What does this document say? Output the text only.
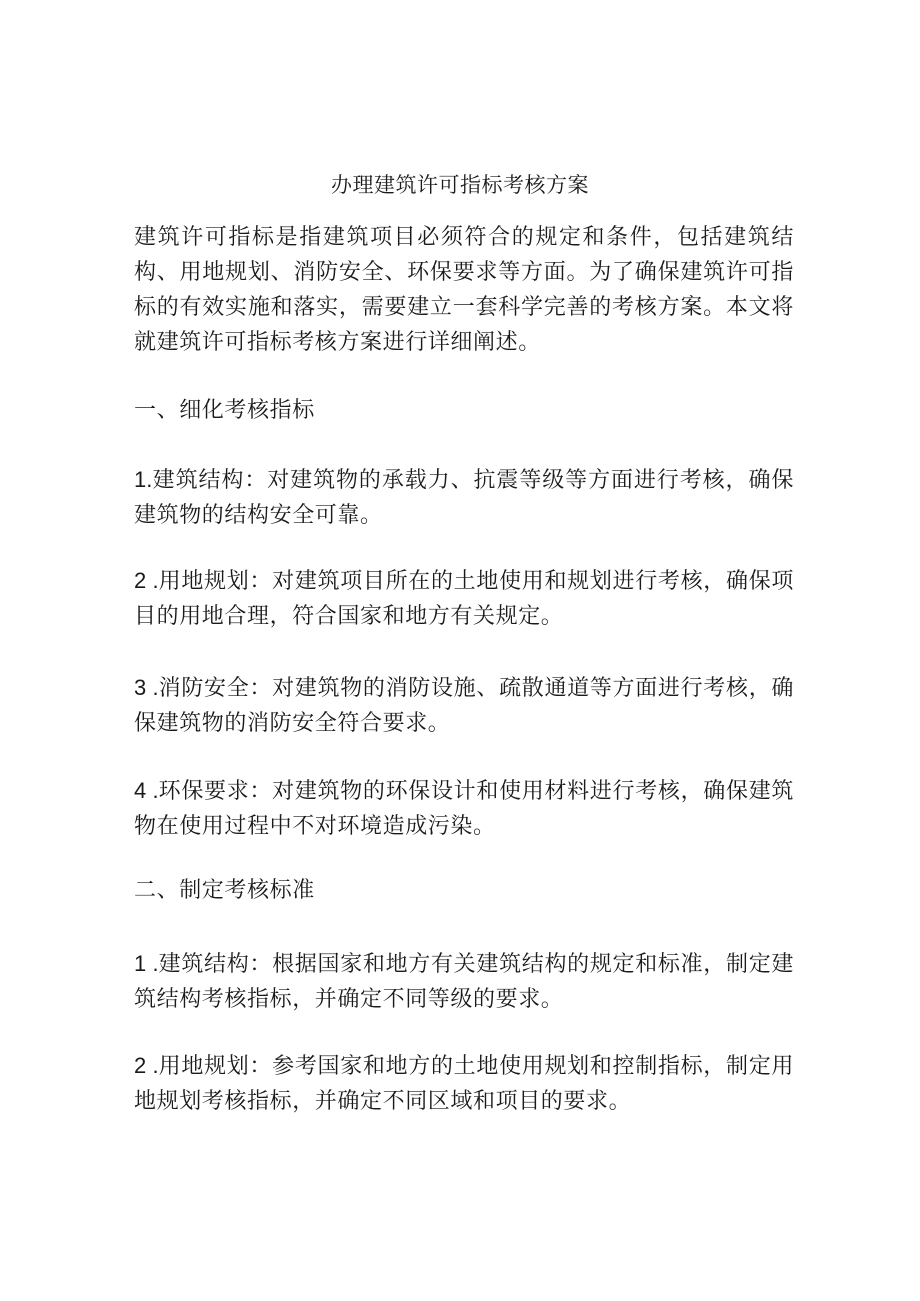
办理建筑许可指标考核方案

建筑许可指标是指建筑项目必须符合的规定和条件，包括建筑结构、用地规划、消防安全、环保要求等方面。为了确保建筑许可指标的有效实施和落实，需要建立一套科学完善的考核方案。本文将就建筑许可指标考核方案进行详细阐述。

一、细化考核指标

1.建筑结构：对建筑物的承载力、抗震等级等方面进行考核，确保建筑物的结构安全可靠。

2 .用地规划：对建筑项目所在的土地使用和规划进行考核，确保项目的用地合理，符合国家和地方有关规定。

3 .消防安全：对建筑物的消防设施、疏散通道等方面进行考核，确保建筑物的消防安全符合要求。

4 .环保要求：对建筑物的环保设计和使用材料进行考核，确保建筑物在使用过程中不对环境造成污染。

二、制定考核标准

1 .建筑结构：根据国家和地方有关建筑结构的规定和标准，制定建筑结构考核指标，并确定不同等级的要求。

2 .用地规划：参考国家和地方的土地使用规划和控制指标，制定用地规划考核指标，并确定不同区域和项目的要求。
